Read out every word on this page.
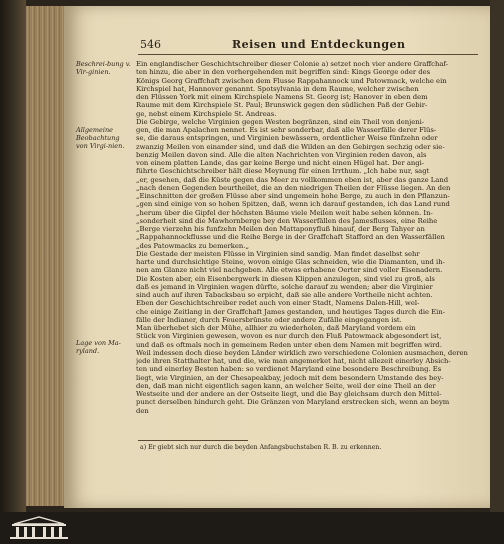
546	Reisen und Entdeckungen
Beschrei-bung v. Vir-ginien.
Allgemeine Beobachtung von Virgi-nien.
Lage von Ma-ryland.
Ein englandischer Geschichtschreiber dieser Colonie a) setzet noch vier andere Graffchaf-
ten hinzu, die aber in den vorhergehenden mit begriffen sind: Kings George oder des
Königs Georg Graffchaft zwischen dem Flusse Rappahannock und Patowmack, welche ein
Kirchspiel hat, Hannover genannt. Spotsylvania in dem Raume, welcher zwischen
den Flüssen York mit einem Kirchspiele Namens St. Georg ist; Hanover in eben dem
Raume mit dem Kirchspiele St. Paul; Brunswick gegen den südlichen Paß der Gebir-
ge, nebst einem Kirchspiele St. Andreas.
Die Gebirge, welche Virginien gegen Westen begränzen, sind ein Theil von denjeni-
gen, die man Apalachen nennet. Es ist sehr sonderbar, daß alle Wasserfälle derer Flüs-
se, die daraus entspringen, und Virginien bewässern, ordentlicher Weise fünfzehn oder
zwanzig Meilen von einander sind, und daß die Wilden an den Gebirgen sechzig oder sie-
benzig Meilen davon sind. Alle die alten Nachrichten von Virginien reden davon, als
von einem platten Lande, das gar keine Berge und nicht einen Hügel hat. Der angi-
führte Geschichtschreiber hält diese Meynung für einen Irrthum. „Ich habe nur, sagt
„er, gesehen, daß die Küste gegen das Meer zu vollkommen eben ist, aber das ganze Land
„nach denen Gegenden beurtheilet, die an den niedrigen Theilen der Flüsse liegen. An den
„Einschnitten der großen Flüsse aber sind ungemein hohe Berge, zu auch in den Pflanzun-
„gen sind einige von so hohen Spitzen, daß, wenn ich darauf gestanden, ich das Land rund
„herum über die Gipfel der höchsten Bäume viele Meilen weit habe sehen können. In-
„sonderheit sind die Mawhornberge bey den Wasserfällen des Jamesflusses, eine Reihe
„Berge vierzehn bis funfzehn Meilen den Mattaponyfluß hinauf, der Berg Tahyer an
„Rappahannockflusse und die Reihe Berge in der Graffchaft Stafford an den Wasserfällen
„des Patowmacks zu bemerken.„
Die Gestade der meisten Flüsse in Virginien sind sandig. Man findet daselbst sehr
harte und durchsichtige Steine, wovon einige Glas schneiden, wie die Diamanten, und ih-
nen am Glanze nicht viel nachgeben. Alle etwas erhabene Oerter sind voller Eisenadern.
Die Kosten aber, ein Eisenbergwerk in diesen Klippen anzulegen, sind viel zu groß, als
daß es jemand in Virginien wagen dürfte, solche darauf zu wenden; aber die Virginier
sind auch auf ihren Tabacksbau so erpicht, daß sie alle andere Vortheile nicht achten.
Eben der Geschichtschreiber redet auch von einer Stadt, Namens Dalen-Hill, wel-
che einige Zeitlang in der Graffchaft James gestanden, und heutiges Tages durch die Ein-
fälle der Indianer, durch Feuersbrünste oder andere Zufälle eingegangen ist.
Man überhebet sich der Mühe, allhier zu wiederholen, daß Maryland vordem ein
Stück von Virginien gewesen, wovon es nur durch den Fluß Patowmack abgesondert ist,
und daß es oftmals noch in gemeinem Reden unter eben dem Namen mit begriffen wird.
Weil indessen doch diese beyden Länder wirklich zwo verschiedene Colonien ausmachen, deren
jede ihren Statthalter hat, und die, wie man angemerket hat, nicht allezeit einerley Absich-
ten und einerley Besten haben: so verdienet Maryland eine besondere Beschreibung. Es
liegt, wie Virginien, an der Chesapeakbay, jedoch mit dem besondern Umstande des bey-
den, daß man nicht eigentlich sagen kann, an welcher Seite, weil der eine Theil an der
Westseite und der andere an der Ostseite liegt, und die Bay gleichsam durch den Mittel-
punct derselben hindurch geht. Die Gränzen von Maryland erstrecken sich, wenn an beym
den
a) Er giebt sich nur durch die beyden Anfangsbuchstaben R. B. zu erkennen.
